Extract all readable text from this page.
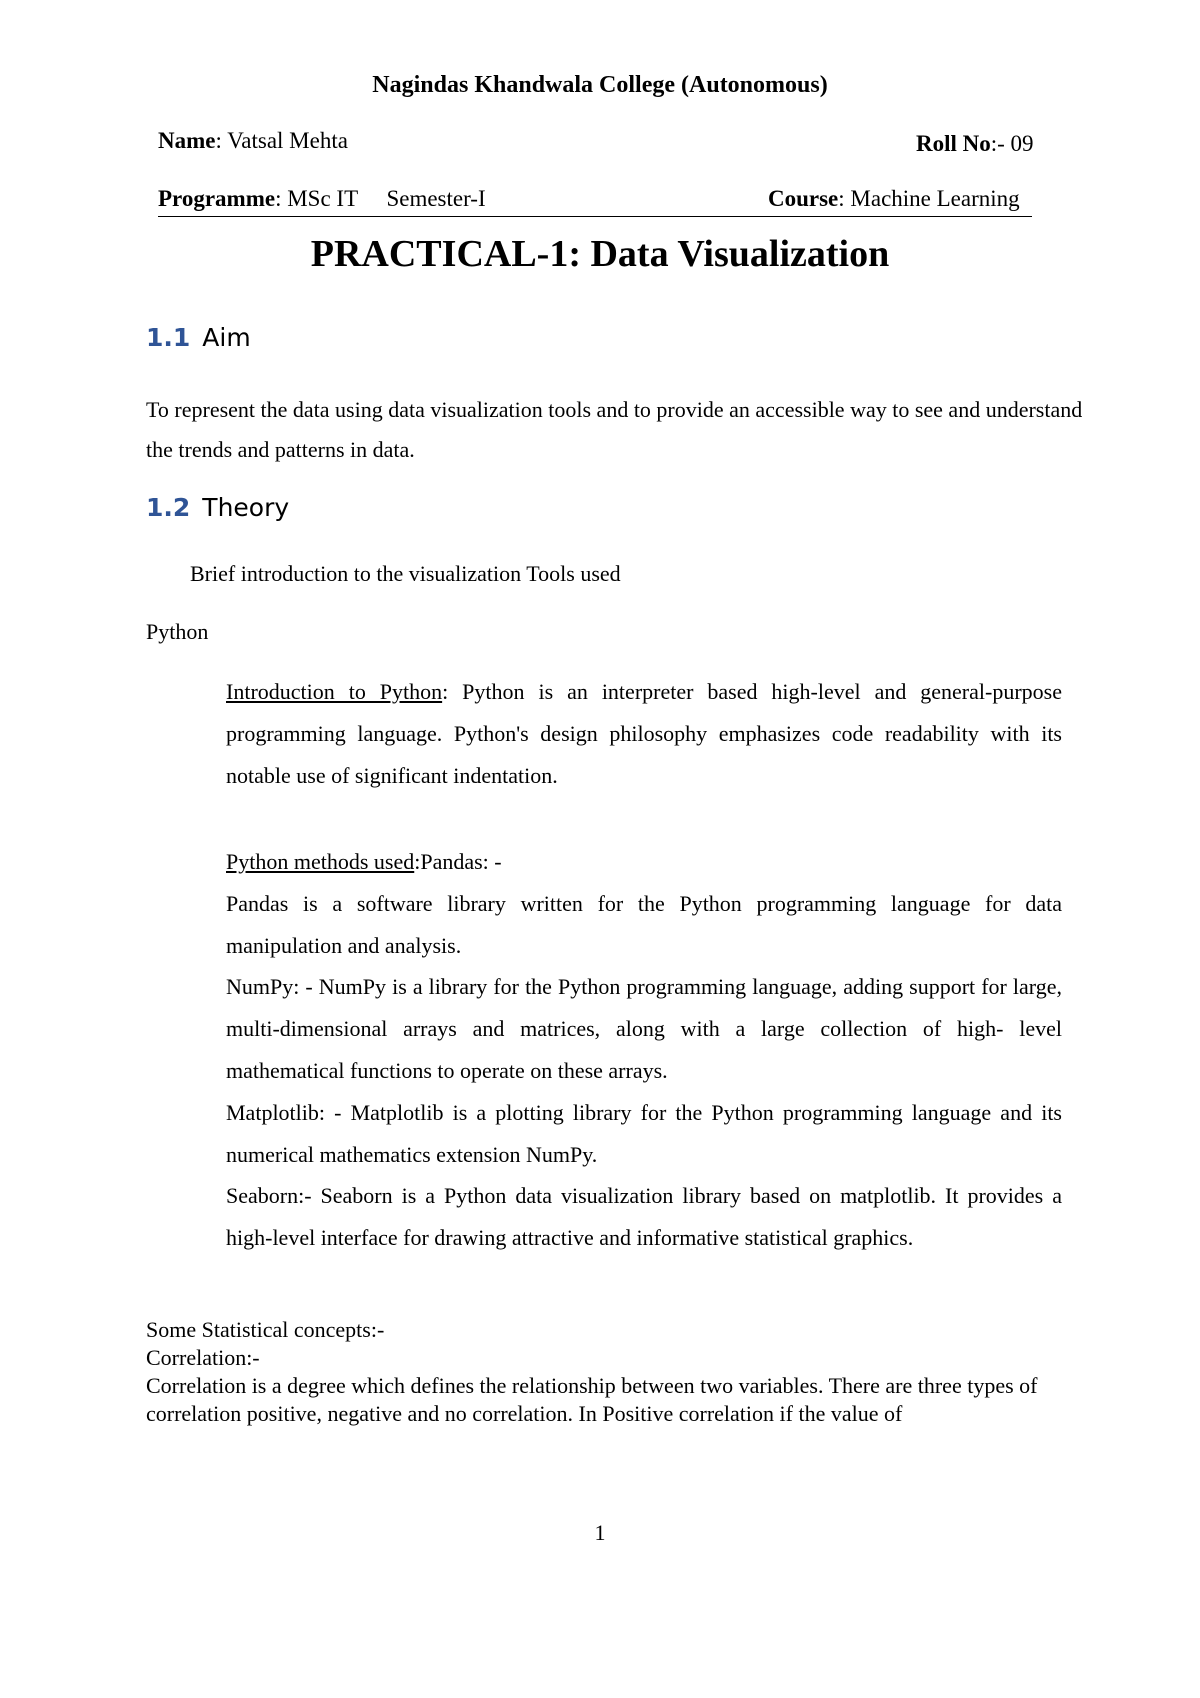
Nagindas Khandwala College (Autonomous)
Name: Vatsal Mehta	Roll No:- 09
Programme: MSc IT     Semester-I	Course: Machine Learning
PRACTICAL-1: Data Visualization
1.1 Aim
To represent the data using data visualization tools and to provide an accessible way to see and understand the trends and patterns in data.
1.2 Theory
Brief introduction to the visualization Tools used
Python
Introduction to Python: Python is an interpreter based high-level and general-purpose programming language. Python's design philosophy emphasizes code readability with its notable use of significant indentation.
Python methods used:Pandas: -
Pandas is a software library written for the Python programming language for data manipulation and analysis.
NumPy: - NumPy is a library for the Python programming language, adding support for large, multi-dimensional arrays and matrices, along with a large collection of high- level mathematical functions to operate on these arrays.
Matplotlib: - Matplotlib is a plotting library for the Python programming language and its numerical mathematics extension NumPy.
Seaborn:- Seaborn is a Python data visualization library based on matplotlib. It provides a high-level interface for drawing attractive and informative statistical graphics.
Some Statistical concepts:-
Correlation:-
Correlation is a degree which defines the relationship between two variables. There are three types of correlation positive, negative and no correlation. In Positive correlation if the value of
1
